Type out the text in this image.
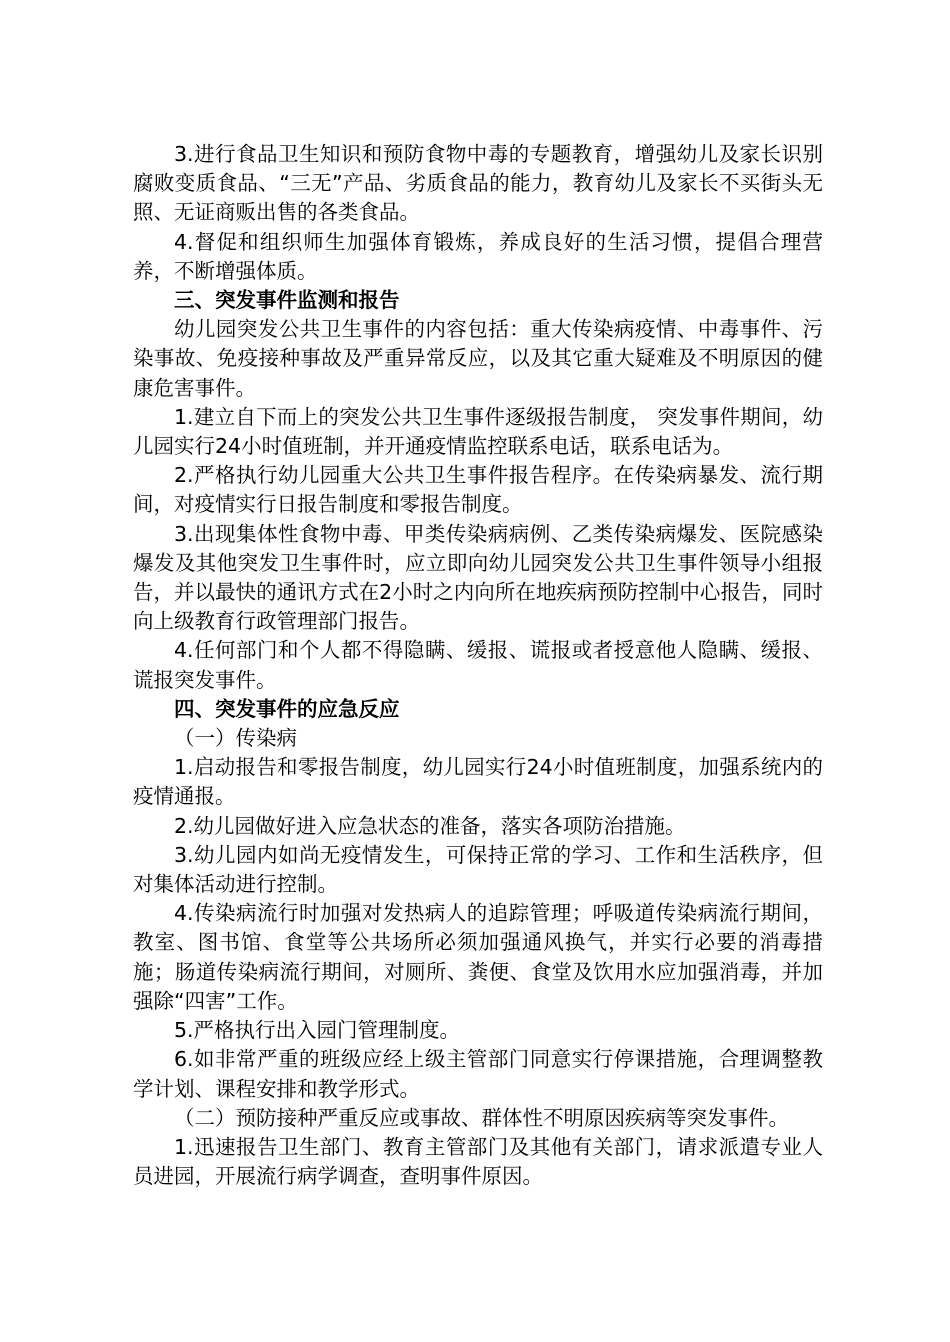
3.进行食品卫生知识和预防食物中毒的专题教育，增强幼儿及家长识别腐败变质食品、“三无”产品、劣质食品的能力，教育幼儿及家长不买街头无照、无证商贩出售的各类食品。

4.督促和组织师生加强体育锻炼，养成良好的生活习惯，提倡合理营养，不断增强体质。

三、突发事件监测和报告

幼儿园突发公共卫生事件的内容包括：重大传染病疫情、中毒事件、污染事故、免疫接种事故及严重异常反应，以及其它重大疑难及不明原因的健康危害事件。

1.建立自下而上的突发公共卫生事件逐级报告制度， 突发事件期间，幼儿园实行24小时值班制，并开通疫情监控联系电话，联系电话为。

2.严格执行幼儿园重大公共卫生事件报告程序。在传染病暴发、流行期间，对疫情实行日报告制度和零报告制度。

3.出现集体性食物中毒、甲类传染病病例、乙类传染病爆发、医院感染爆发及其他突发卫生事件时，应立即向幼儿园突发公共卫生事件领导小组报告，并以最快的通讯方式在2小时之内向所在地疾病预防控制中心报告，同时向上级教育行政管理部门报告。

4.任何部门和个人都不得隐瞒、缓报、谎报或者授意他人隐瞒、缓报、谎报突发事件。

四、突发事件的应急反应

（一）传染病

1.启动报告和零报告制度，幼儿园实行24小时值班制度，加强系统内的疫情通报。

2.幼儿园做好进入应急状态的准备，落实各项防治措施。

3.幼儿园内如尚无疫情发生，可保持正常的学习、工作和生活秩序，但对集体活动进行控制。

4.传染病流行时加强对发热病人的追踪管理；呼吸道传染病流行期间，教室、图书馆、食堂等公共场所必须加强通风换气，并实行必要的消毒措施；肠道传染病流行期间，对厕所、粪便、食堂及饮用水应加强消毒，并加强除“四害”工作。

5.严格执行出入园门管理制度。

6.如非常严重的班级应经上级主管部门同意实行停课措施，合理调整教学计划、课程安排和教学形式。

（二）预防接种严重反应或事故、群体性不明原因疾病等突发事件。

1.迅速报告卫生部门、教育主管部门及其他有关部门，请求派遣专业人员进园，开展流行病学调查，查明事件原因。
